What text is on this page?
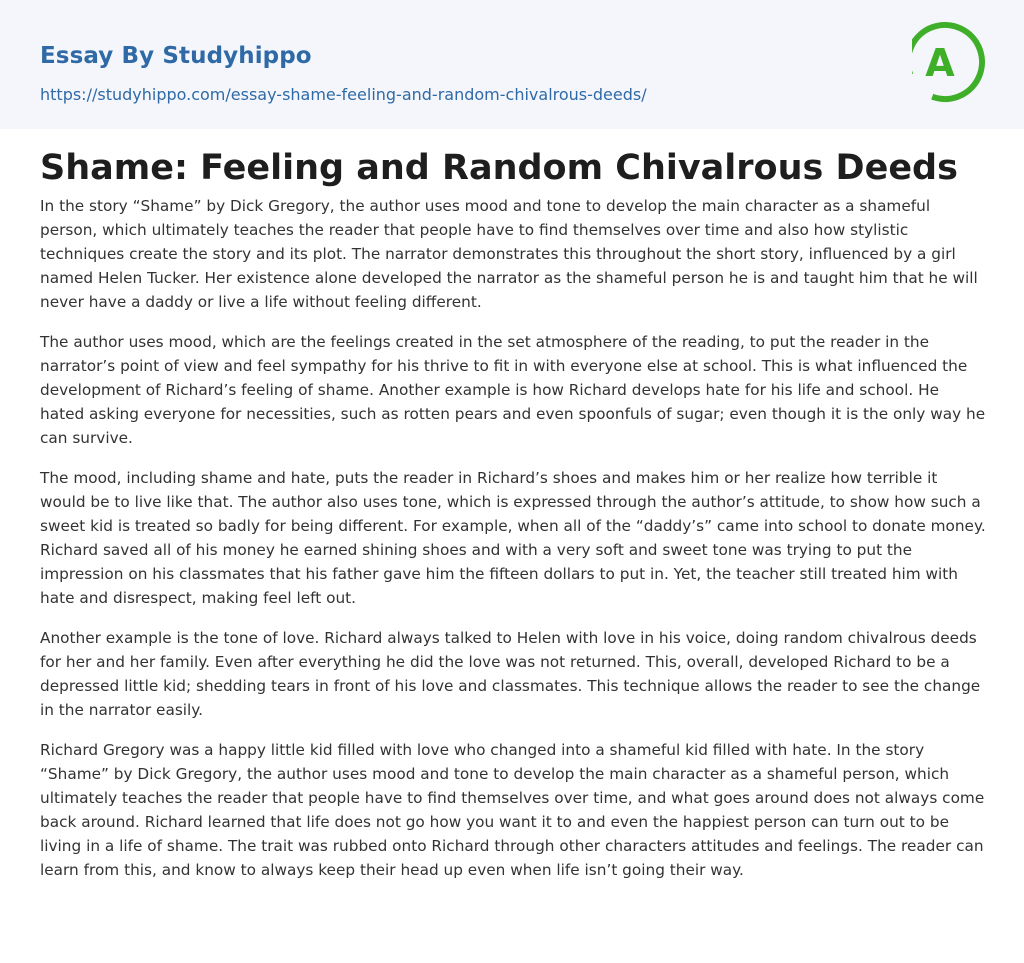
Essay By Studyhippo
https://studyhippo.com/essay-shame-feeling-and-random-chivalrous-deeds/
A
Shame: Feeling and Random Chivalrous Deeds

In the story “Shame” by Dick Gregory, the author uses mood and tone to develop the main character as a shameful person, which ultimately teaches the reader that people have to find themselves over time and also how stylistic techniques create the story and its plot. The narrator demonstrates this throughout the short story, influenced by a girl named Helen Tucker. Her existence alone developed the narrator as the shameful person he is and taught him that he will never have a daddy or live a life without feeling different.

The author uses mood, which are the feelings created in the set atmosphere of the reading, to put the reader in the narrator’s point of view and feel sympathy for his thrive to fit in with everyone else at school. This is what influenced the development of Richard’s feeling of shame. Another example is how Richard develops hate for his life and school. He hated asking everyone for necessities, such as rotten pears and even spoonfuls of sugar; even though it is the only way he can survive.

The mood, including shame and hate, puts the reader in Richard’s shoes and makes him or her realize how terrible it would be to live like that. The author also uses tone, which is expressed through the author’s attitude, to show how such a sweet kid is treated so badly for being different. For example, when all of the “daddy’s” came into school to donate money. Richard saved all of his money he earned shining shoes and with a very soft and sweet tone was trying to put the impression on his classmates that his father gave him the fifteen dollars to put in. Yet, the teacher still treated him with hate and disrespect, making feel left out.

Another example is the tone of love. Richard always talked to Helen with love in his voice, doing random chivalrous deeds for her and her family. Even after everything he did the love was not returned. This, overall, developed Richard to be a depressed little kid; shedding tears in front of his love and classmates. This technique allows the reader to see the change in the narrator easily.

Richard Gregory was a happy little kid filled with love who changed into a shameful kid filled with hate. In the story “Shame” by Dick Gregory, the author uses mood and tone to develop the main character as a shameful person, which ultimately teaches the reader that people have to find themselves over time, and what goes around does not always come back around. Richard learned that life does not go how you want it to and even the happiest person can turn out to be living in a life of shame. The trait was rubbed onto Richard through other characters attitudes and feelings. The reader can learn from this, and know to always keep their head up even when life isn’t going their way.
